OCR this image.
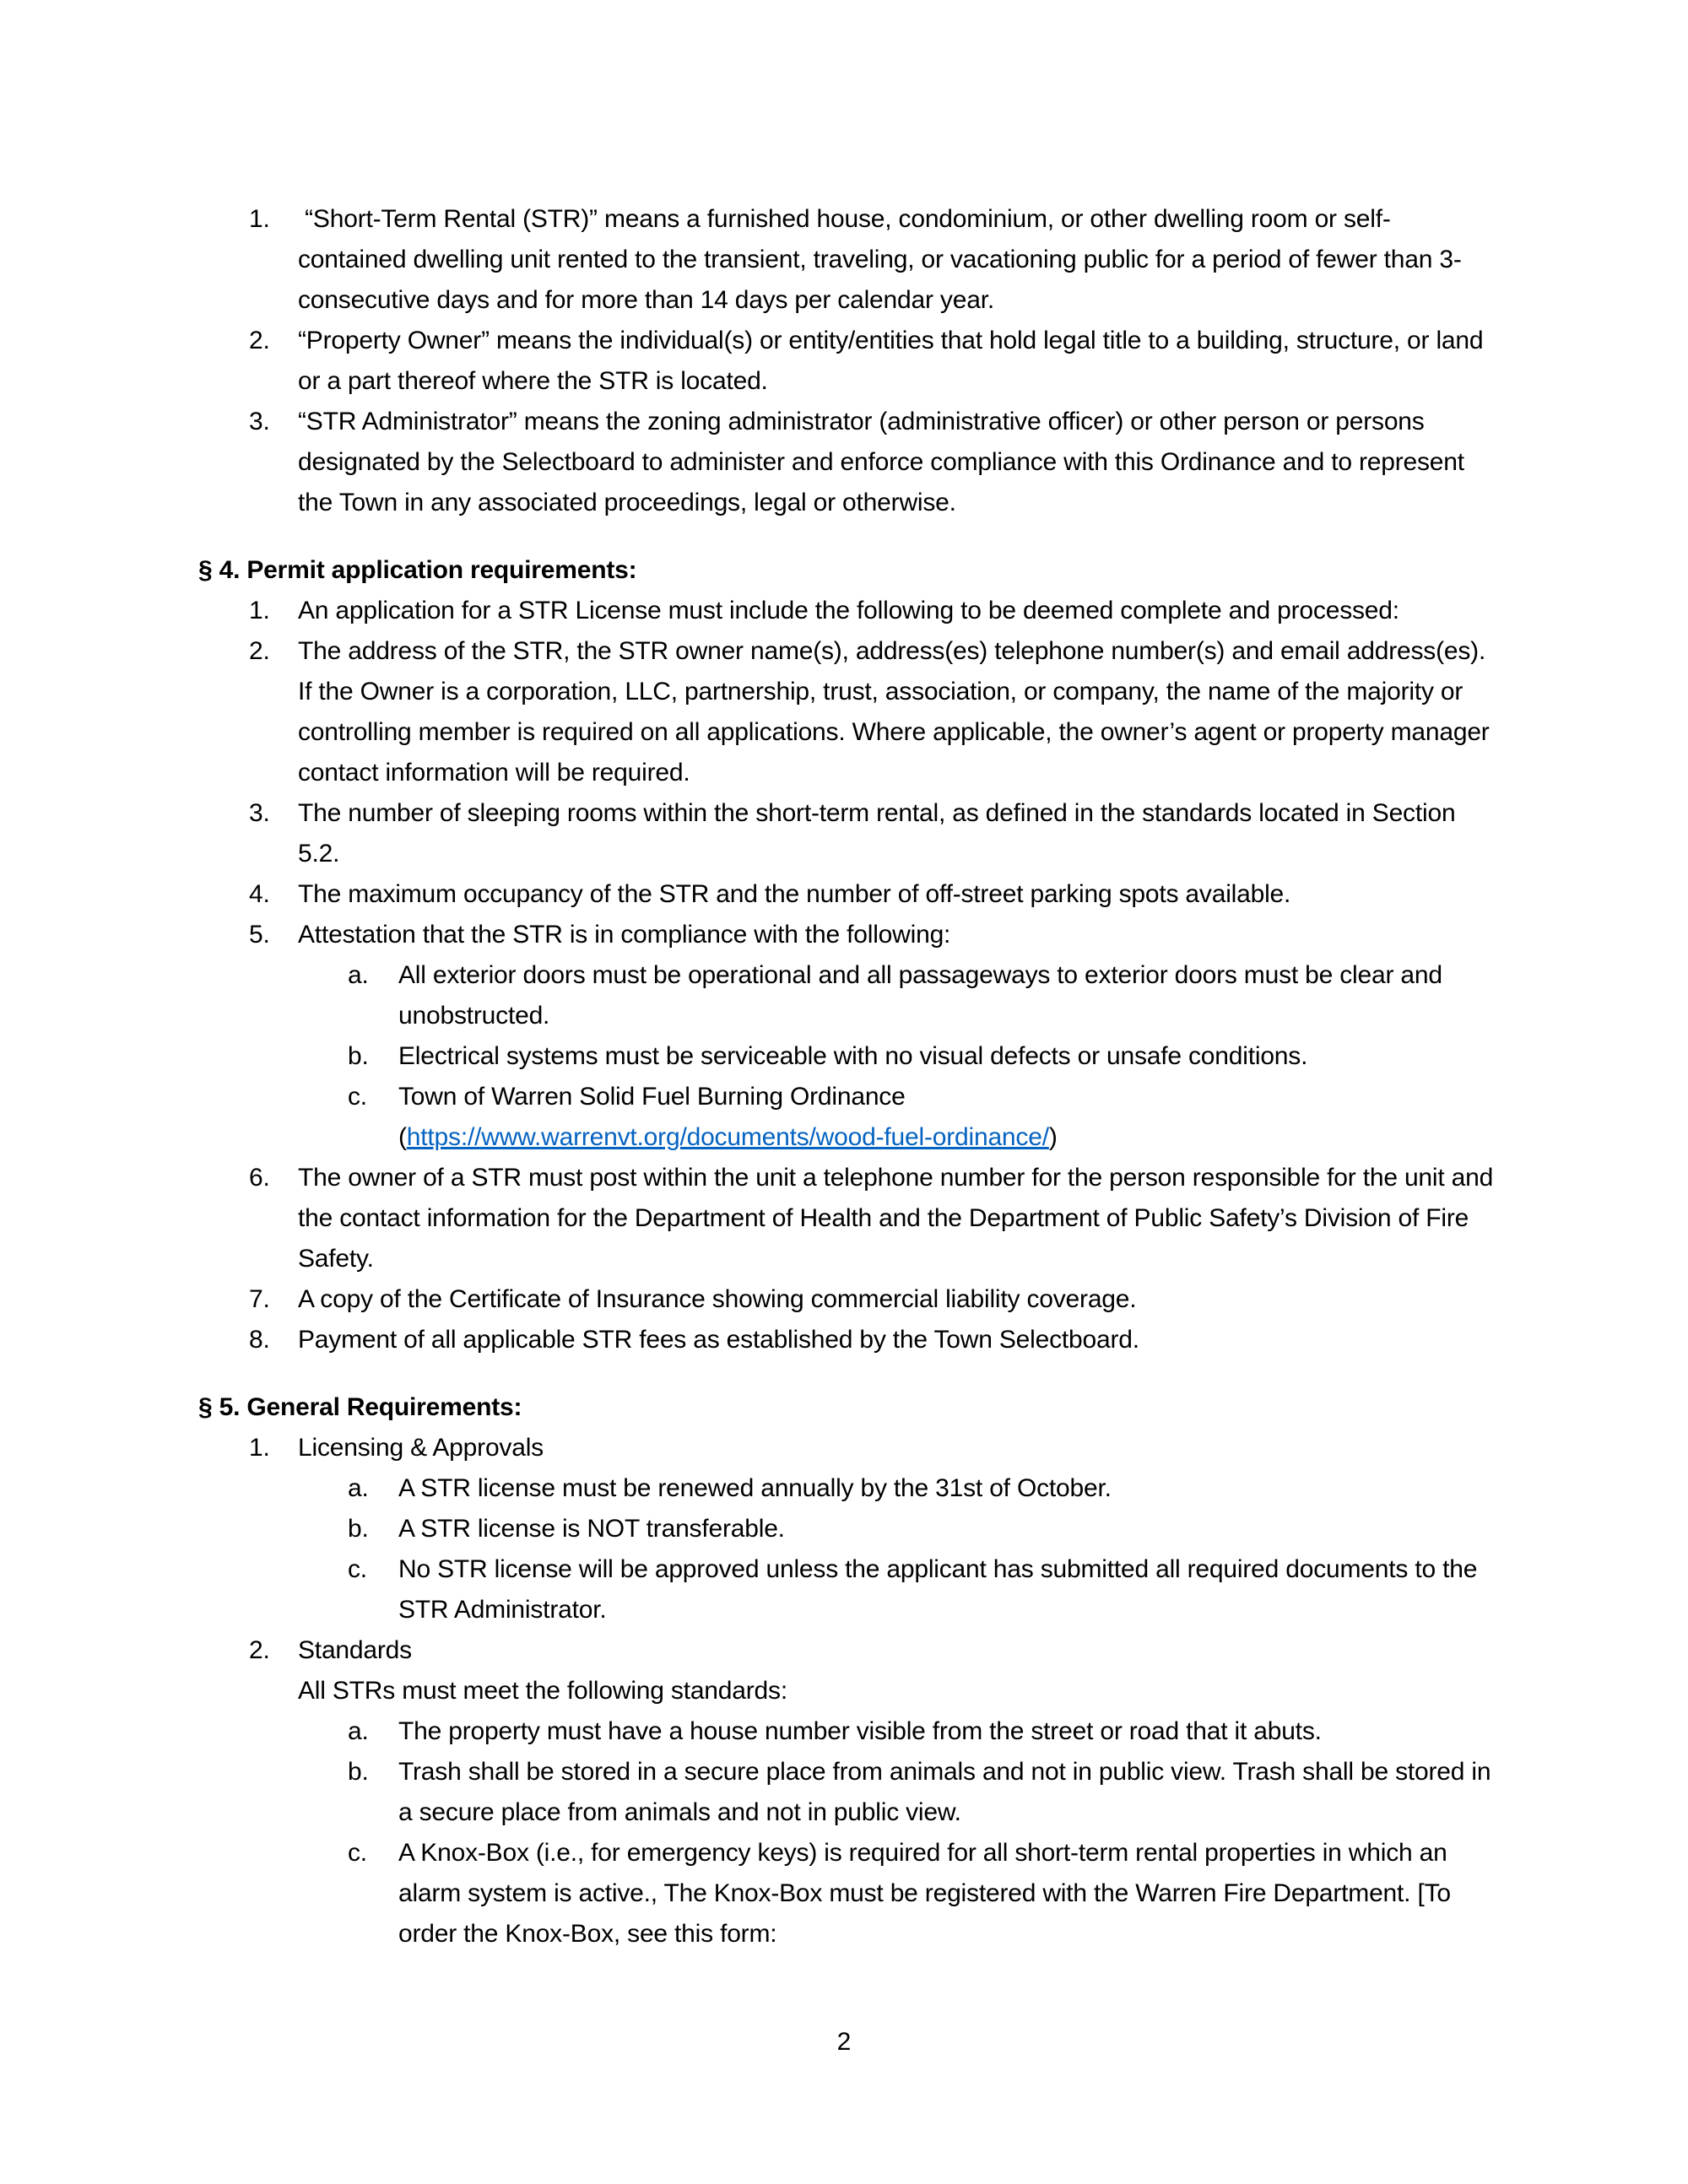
1. “Short-Term Rental (STR)” means a furnished house, condominium, or other dwelling room or self-contained dwelling unit rented to the transient, traveling, or vacationing public for a period of fewer than 3- consecutive days and for more than 14 days per calendar year.
2. “Property Owner” means the individual(s) or entity/entities that hold legal title to a building, structure, or land or a part thereof where the STR is located.
3. “STR Administrator” means the zoning administrator (administrative officer) or other person or persons designated by the Selectboard to administer and enforce compliance with this Ordinance and to represent the Town in any associated proceedings, legal or otherwise.
§ 4. Permit application requirements:
1. An application for a STR License must include the following to be deemed complete and processed:
2. The address of the STR, the STR owner name(s), address(es) telephone number(s) and email address(es). If the Owner is a corporation, LLC, partnership, trust, association, or company, the name of the majority or controlling member is required on all applications. Where applicable, the owner’s agent or property manager contact information will be required.
3. The number of sleeping rooms within the short-term rental, as defined in the standards located in Section 5.2.
4. The maximum occupancy of the STR and the number of off-street parking spots available.
5. Attestation that the STR is in compliance with the following:
a. All exterior doors must be operational and all passageways to exterior doors must be clear and unobstructed.
b. Electrical systems must be serviceable with no visual defects or unsafe conditions.
c. Town of Warren Solid Fuel Burning Ordinance (https://www.warrenvt.org/documents/wood-fuel-ordinance/)
6. The owner of a STR must post within the unit a telephone number for the person responsible for the unit and the contact information for the Department of Health and the Department of Public Safety’s Division of Fire Safety.
7. A copy of the Certificate of Insurance showing commercial liability coverage.
8. Payment of all applicable STR fees as established by the Town Selectboard.
§ 5. General Requirements:
1. Licensing & Approvals
a. A STR license must be renewed annually by the 31st of October.
b. A STR license is NOT transferable.
c. No STR license will be approved unless the applicant has submitted all required documents to the STR Administrator.
2. Standards
All STRs must meet the following standards:
a. The property must have a house number visible from the street or road that it abuts.
b. Trash shall be stored in a secure place from animals and not in public view. Trash shall be stored in a secure place from animals and not in public view.
c. A Knox-Box (i.e., for emergency keys) is required for all short-term rental properties in which an alarm system is active., The Knox-Box must be registered with the Warren Fire Department. [To order the Knox-Box, see this form:
2
